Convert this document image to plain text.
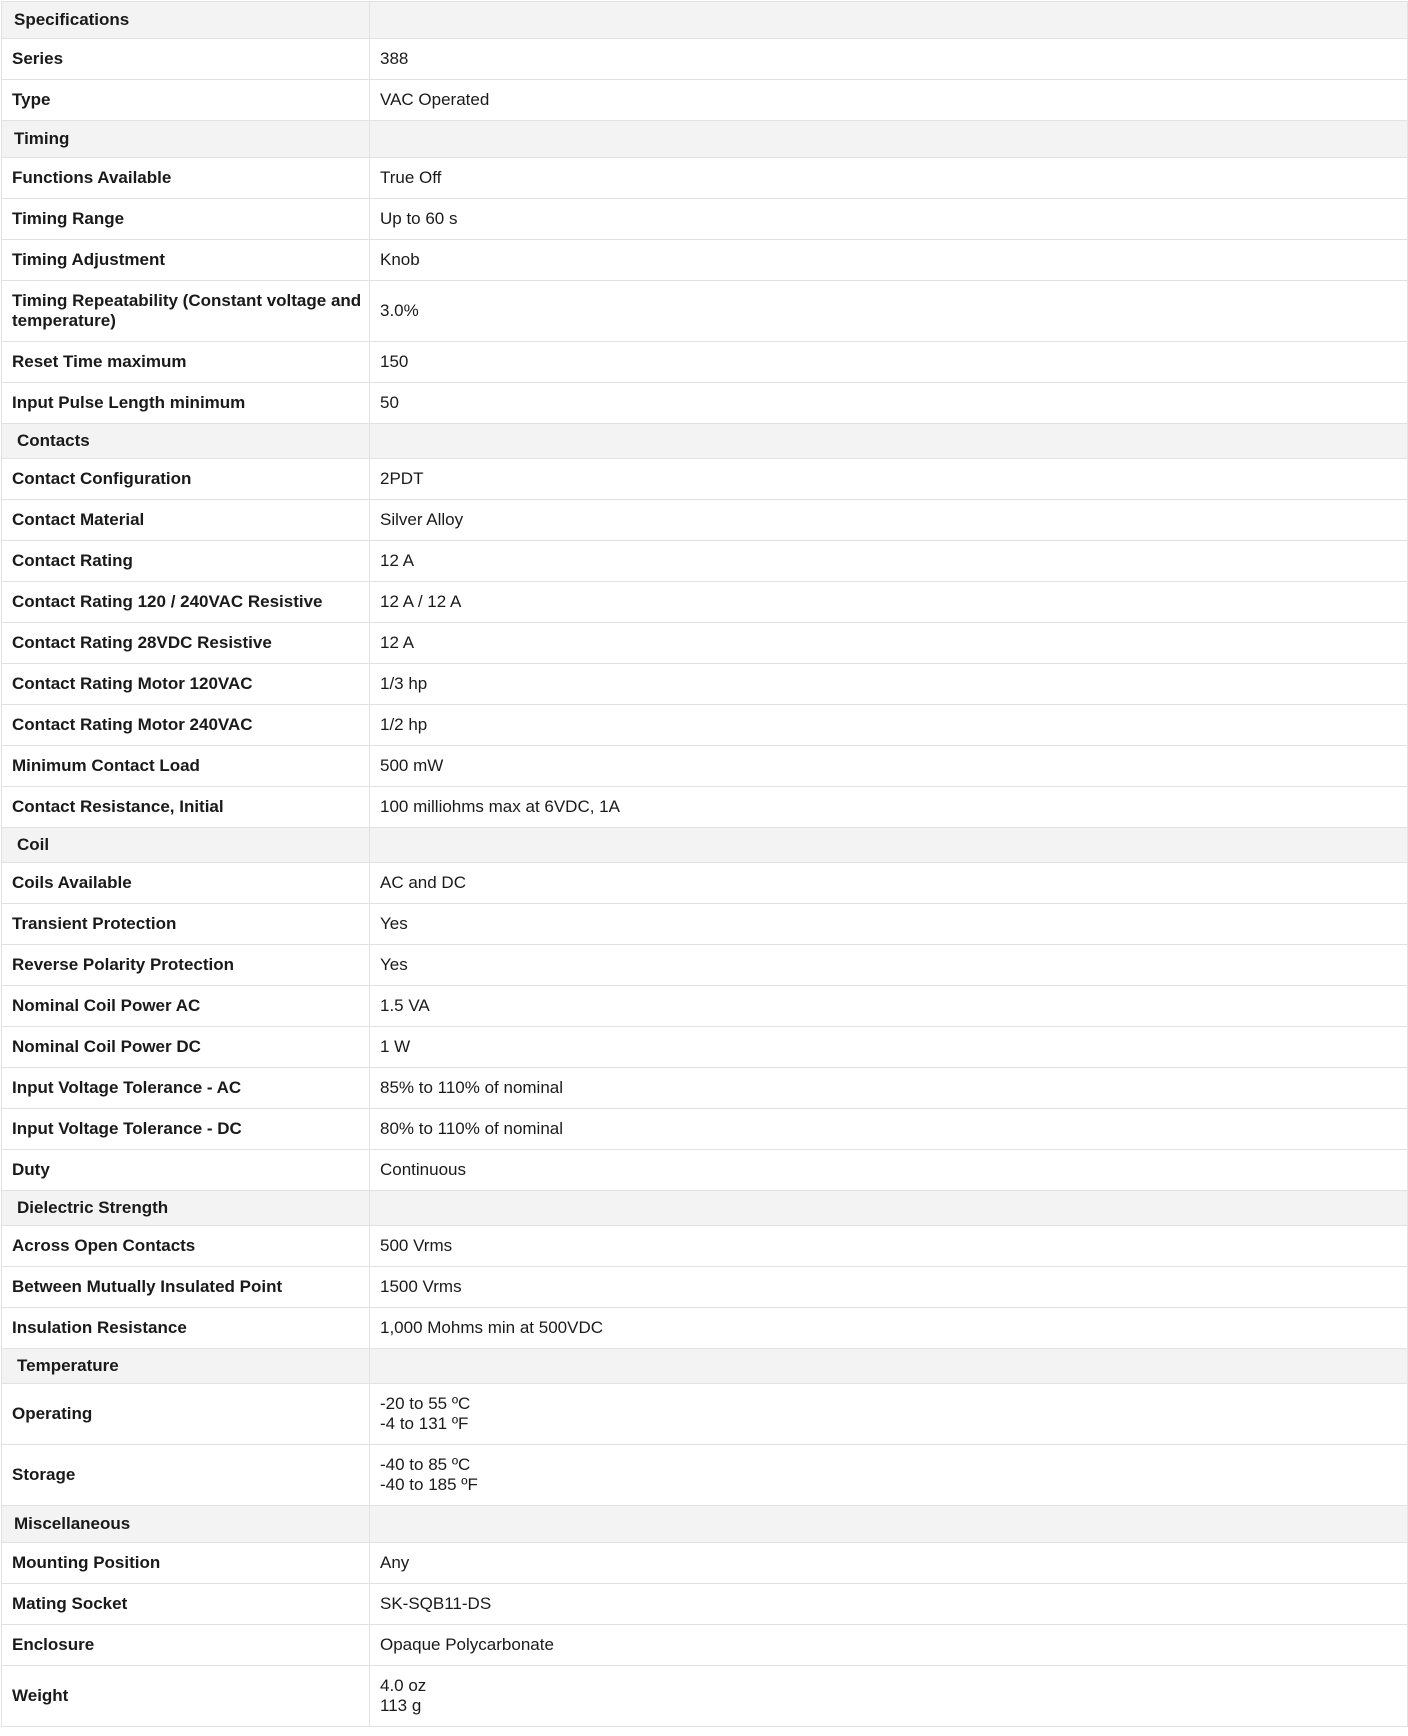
Specifications	
Series	388
Type	VAC Operated
Timing	
Functions Available	True Off
Timing Range	Up to 60 s
Timing Adjustment	Knob
Timing Repeatability (Constant voltage and temperature)	3.0%
Reset Time maximum	150
Input Pulse Length minimum	50
Contacts	
Contact Configuration	2PDT
Contact Material	Silver Alloy
Contact Rating	12 A
Contact Rating 120 / 240VAC Resistive	12 A / 12 A
Contact Rating 28VDC Resistive	12 A
Contact Rating Motor 120VAC	1/3 hp
Contact Rating Motor 240VAC	1/2 hp
Minimum Contact Load	500 mW
Contact Resistance, Initial	100 milliohms max at 6VDC, 1A
Coil	
Coils Available	AC and DC
Transient Protection	Yes
Reverse Polarity Protection	Yes
Nominal Coil Power AC	1.5 VA
Nominal Coil Power DC	1 W
Input Voltage Tolerance - AC	85% to 110% of nominal
Input Voltage Tolerance - DC	80% to 110% of nominal
Duty	Continuous
Dielectric Strength	
Across Open Contacts	500 Vrms
Between Mutually Insulated Point	1500 Vrms
Insulation Resistance	1,000 Mohms min at 500VDC
Temperature	
Operating	-20 to 55 ºC
-4 to 131 ºF
Storage	-40 to 85 ºC
-40 to 185 ºF
Miscellaneous	
Mounting Position	Any
Mating Socket	SK-SQB11-DS
Enclosure	Opaque Polycarbonate
Weight	4.0 oz
113 g
